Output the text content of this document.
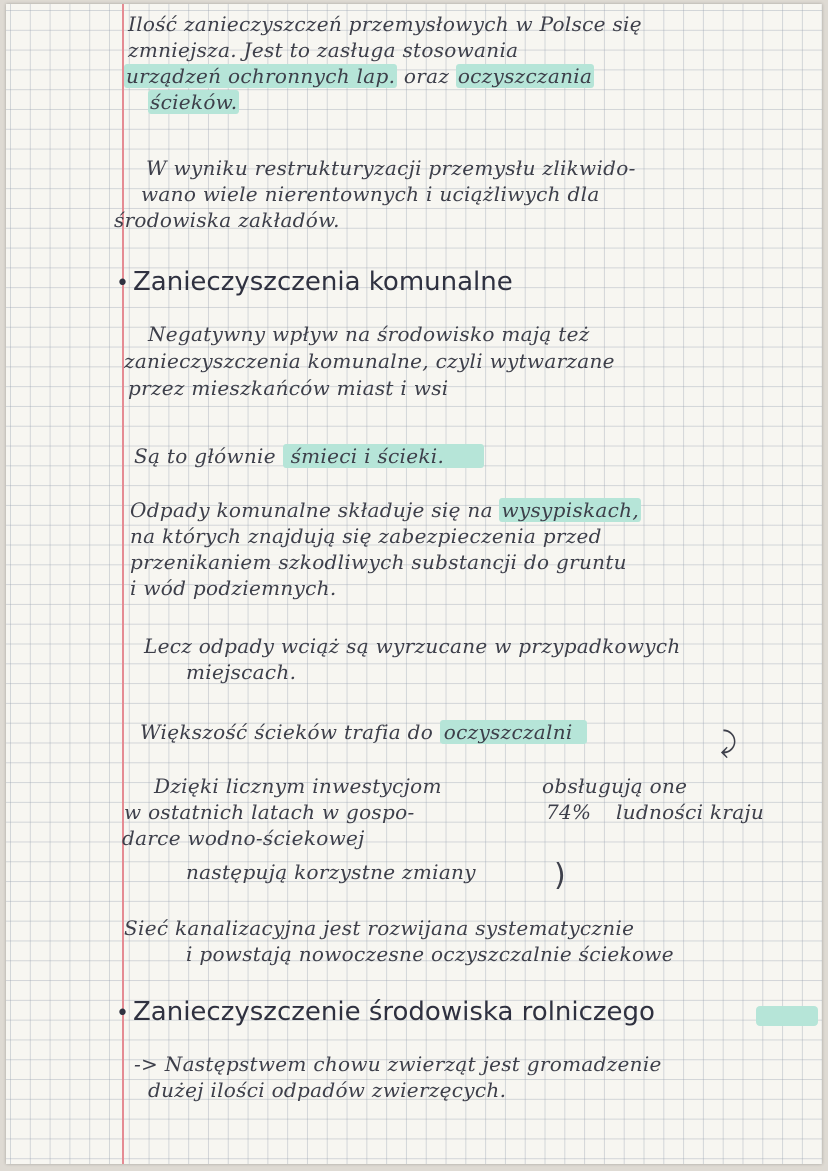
Ilość zanieczyszczeń przemysłowych w Polsce się

zmniejsza. Jest to zasługa stosowania

urządzeń ochronnych lap. oraz oczyszczania

ścieków.

W wyniku restrukturyzacji przemysłu zlikwido-

wano wiele nierentownych i uciążliwych dla

środowiska zakładów.

• Zanieczyszczenia komunalne

Negatywny wpływ na środowisko mają też

zanieczyszczenia komunalne, czyli wytwarzane

przez mieszkańców miast i wsi

Są to głównie śmieci i ścieki.

Odpady komunalne składuje się na wysypiskach,

na których znajdują się zabezpieczenia przed

przenikaniem szkodliwych substancji do gruntu

i wód podziemnych.

Lecz odpady wciąż są wyrzucane w przypadkowych

miejscach.

Większość ścieków trafia do oczyszczalni	⤸

Dzięki licznym inwestycjom	obsługują one

w ostatnich latach w gospo-	74% ludności kraju

darce wodno-ściekowej

następują korzystne zmiany	)

Sieć kanalizacyjna jest rozwijana systematycznie

i powstają nowoczesne oczyszczalnie ściekowe

• Zanieczyszczenie środowiska rolniczego

-> Następstwem chowu zwierząt jest gromadzenie

dużej ilości odpadów zwierzęcych.
